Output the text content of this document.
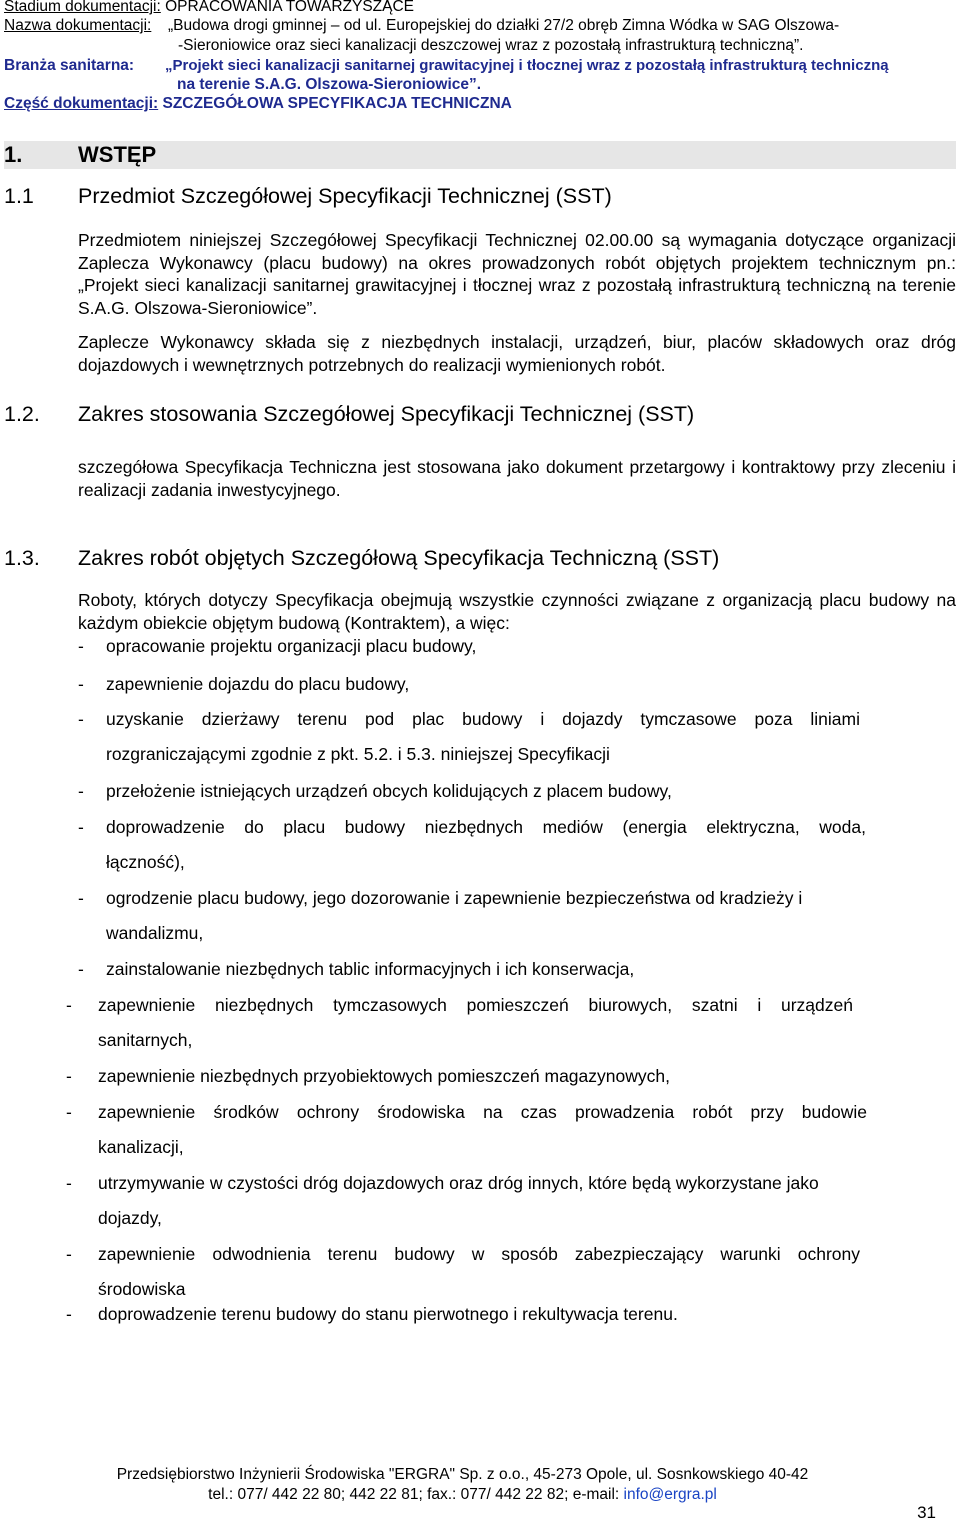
Stadium dokumentacji: OPRACOWANIA TOWARZYSZĄCE
Nazwa dokumentacji: „Budowa drogi gminnej – od ul. Europejskiej do działki 27/2 obręb Zimna Wódka w SAG Olszowa-
-Sieroniowice oraz sieci kanalizacji deszczowej wraz z pozostałą infrastrukturą techniczną”.
Branża sanitarna: „Projekt sieci kanalizacji sanitarnej grawitacyjnej i tłocznej wraz z pozostałą infrastrukturą techniczną
na terenie S.A.G. Olszowa-Sieroniowice”.
Część dokumentacji: SZCZEGÓŁOWA SPECYFIKACJA TECHNICZNA
1.	WSTĘP
1.1 Przedmiot Szczegółowej Specyfikacji Technicznej (SST)
Przedmiotem niniejszej Szczegółowej Specyfikacji Technicznej 02.00.00 są wymagania dotyczące organizacji Zaplecza Wykonawcy (placu budowy) na okres prowadzonych robót objętych projektem technicznym pn.: „Projekt sieci kanalizacji sanitarnej grawitacyjnej i tłocznej wraz z pozostałą infrastrukturą techniczną na terenie S.A.G. Olszowa-Sieroniowice”.
Zaplecze Wykonawcy składa się z niezbędnych instalacji, urządzeń, biur, placów składowych oraz dróg dojazdowych i wewnętrznych potrzebnych do realizacji wymienionych robót.
1.2. Zakres stosowania Szczegółowej Specyfikacji Technicznej (SST)
szczegółowa Specyfikacja Techniczna jest stosowana jako dokument przetargowy i kontraktowy przy zleceniu i realizacji zadania inwestycyjnego.
1.3. Zakres robót objętych Szczegółową Specyfikacja Techniczną (SST)
Roboty, których dotyczy Specyfikacja obejmują wszystkie czynności związane z organizacją placu budowy na każdym obiekcie objętym budową (Kontraktem), a więc:
- opracowanie projektu organizacji placu budowy,
- zapewnienie dojazdu do placu budowy,
- uzyskanie dzierżawy terenu pod plac budowy i dojazdy tymczasowe poza liniami
rozgraniczającymi zgodnie z pkt. 5.2. i 5.3. niniejszej Specyfikacji
- przełożenie istniejących urządzeń obcych kolidujących z placem budowy,
- doprowadzenie do placu budowy niezbędnych mediów (energia elektryczna, woda,
łączność),
- ogrodzenie placu budowy, jego dozorowanie i zapewnienie bezpieczeństwa od kradzieży i
wandalizmu,
- zainstalowanie niezbędnych tablic informacyjnych i ich konserwacja,
- zapewnienie niezbędnych tymczasowych pomieszczeń biurowych, szatni i urządzeń
sanitarnych,
- zapewnienie niezbędnych przyobiektowych pomieszczeń magazynowych,
- zapewnienie środków ochrony środowiska na czas prowadzenia robót przy budowie
kanalizacji,
- utrzymywanie w czystości dróg dojazdowych oraz dróg innych, które będą wykorzystane jako
dojazdy,
- zapewnienie odwodnienia terenu budowy w sposób zabezpieczający warunki ochrony
środowiska
- doprowadzenie terenu budowy do stanu pierwotnego i rekultywacja terenu.
Przedsiębiorstwo Inżynierii Środowiska "ERGRA" Sp. z o.o., 45-273 Opole, ul. Sosnkowskiego 40-42
tel.: 077/ 442 22 80; 442 22 81; fax.: 077/ 442 22 82; e-mail: info@ergra.pl
31
